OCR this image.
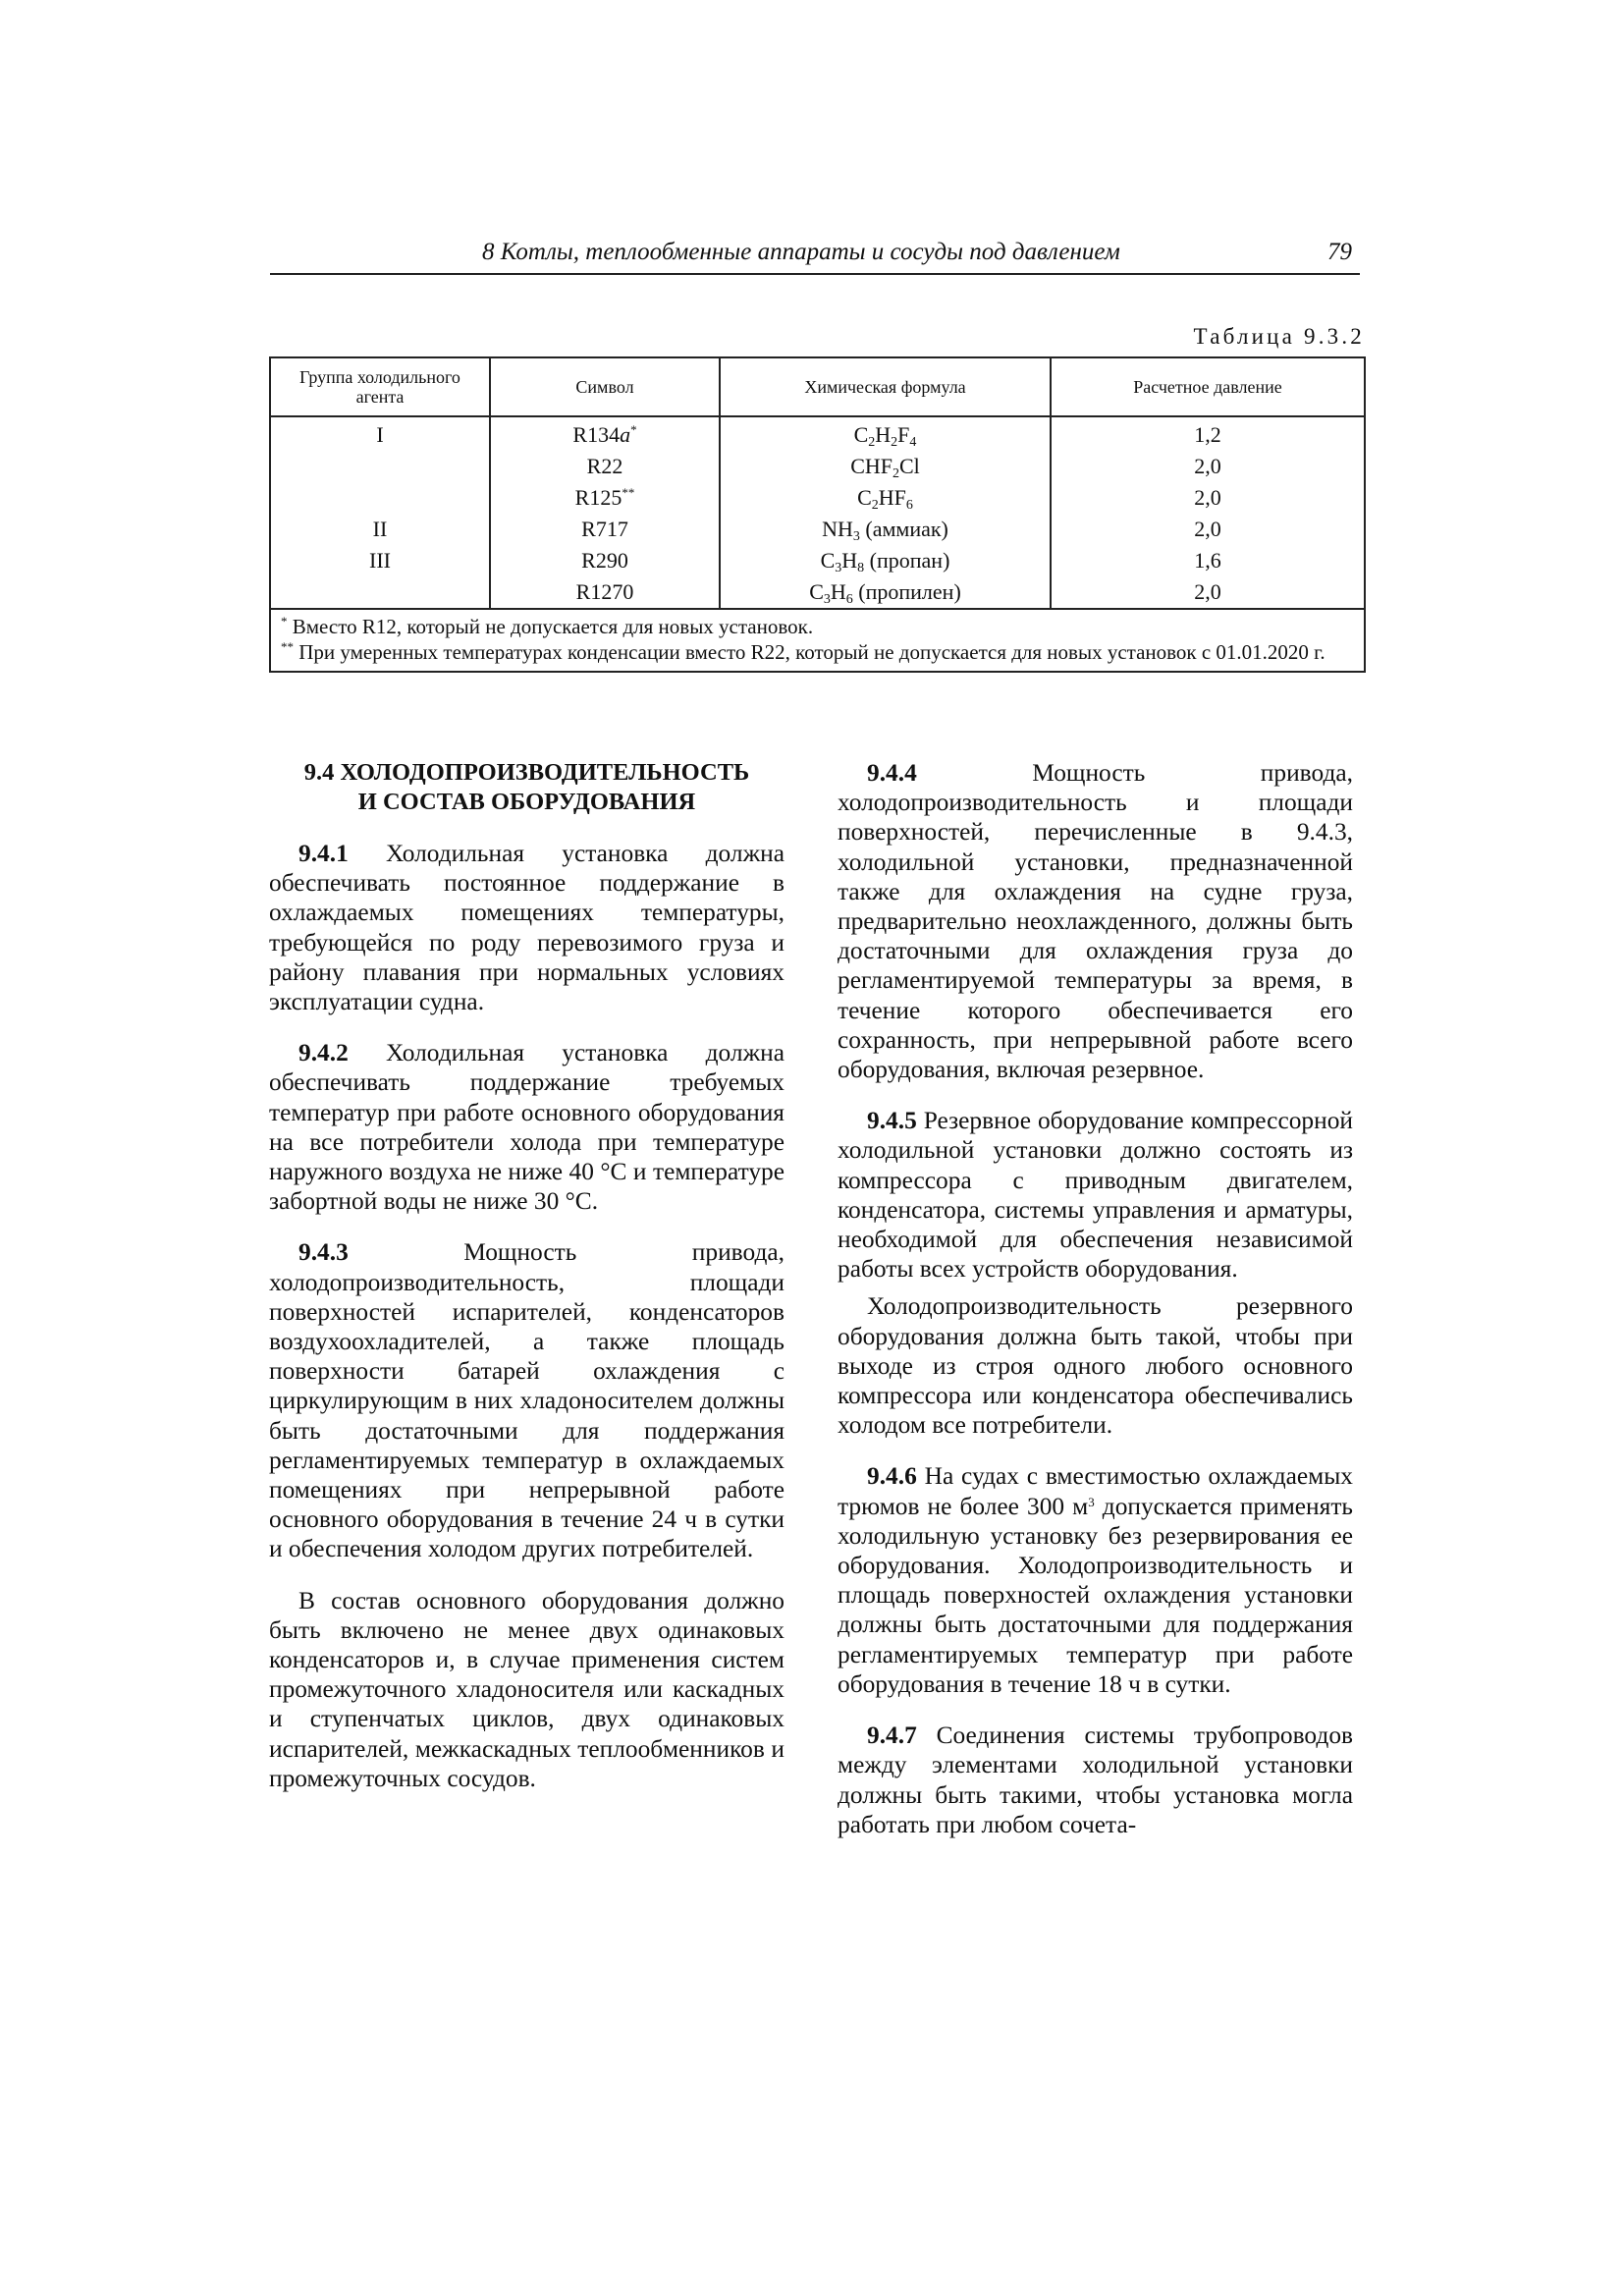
8 Котлы, теплообменные аппараты и сосуды под давлением	79
Таблица 9.3.2
Группа холодильного агента	Символ	Химическая формула	Расчетное давление
I	R134a*	$C_2H_2F_4$	1,2
	R22	$CHF_2Cl$	2,0
	R125**	$C_2HF_6$	2,0
II	R717	$NH_3$ (аммиак)	2,0
III	R290	$C_3H_8$ (пропан)	1,6
	R1270	$C_3H_6$ (пропилен)	2,0

* Вместо R12, который не допускается для новых установок.
** При умеренных температурах конденсации вместо R22, который не допускается для новых установок с 01.01.2020 г.			
9.4 ХОЛОДОПРОИЗВОДИТЕЛЬНОСТЬ
И СОСТАВ ОБОРУДОВАНИЯ

9.4.1 Холодильная установка должна обеспечивать постоянное поддержание в охлаждаемых помещениях температуры, требующейся по роду перевозимого груза и району плавания при нормальных условиях эксплуатации судна.

9.4.2 Холодильная установка должна обеспечивать поддержание требуемых температур при работе основного оборудования на все потребители холода при температуре наружного воздуха не ниже 40 °С и температуре забортной воды не ниже 30 °С.

9.4.3 Мощность привода, холодопроизводительность, площади поверхностей испарителей, конденсаторов воздухоохладителей, а также площадь поверхности батарей охлаждения с циркулирующим в них хладоносителем должны быть достаточными для поддержания регламентируемых температур в охлаждаемых помещениях при непрерывной работе основного оборудования в течение 24 ч в сутки и обеспечения холодом других потребителей.

В состав основного оборудования должно быть включено не менее двух одинаковых конденсаторов и, в случае применения систем промежуточного хладоносителя или каскадных и ступенчатых циклов, двух одинаковых испарителей, межкаскадных теплообменников и промежуточных сосудов.

9.4.4 Мощность привода, холодопроизводительность и площади поверхностей, перечисленные в 9.4.3, холодильной установки, предназначенной также для охлаждения на судне груза, предварительно неохлажденного, должны быть достаточными для охлаждения груза до регламентируемой температуры за время, в течение которого обеспечивается его сохранность, при непрерывной работе всего оборудования, включая резервное.

9.4.5 Резервное оборудование компрессорной холодильной установки должно состоять из компрессора с приводным двигателем, конденсатора, системы управления и арматуры, необходимой для обеспечения независимой работы всех устройств оборудования.

Холодопроизводительность резервного оборудования должна быть такой, чтобы при выходе из строя одного любого основного компрессора или конденсатора обеспечивались холодом все потребители.

9.4.6 На судах с вместимостью охлаждаемых трюмов не более 300 $м^3$ допускается применять холодильную установку без резервирования ее оборудования. Холодопроизводительность и площадь поверхностей охлаждения установки должны быть достаточными для поддержания регламентируемых температур при работе оборудования в течение 18 ч в сутки.

9.4.7 Соединения системы трубопроводов между элементами холодильной установки должны быть такими, чтобы установка могла работать при любом сочета-
